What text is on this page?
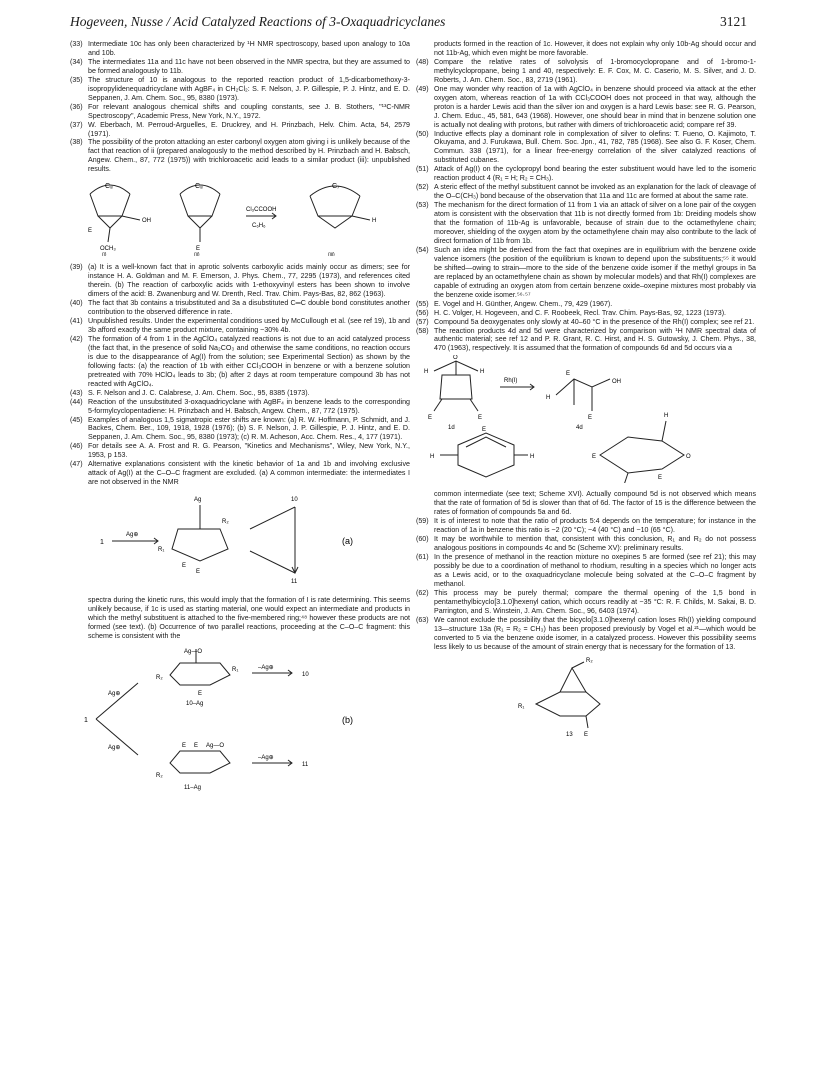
Hogeveen, Nusse / Acid Catalyzed Reactions of 3-Oxaquadricyclanes	3121
(33) Intermediate 10c has only been characterized by ¹H NMR spectroscopy, based upon analogy to 10a and 10b.
(34) The intermediates 11a and 11c have not been observed in the NMR spectra, but they are assumed to be formed analogously to 11b.
(35) The structure of 10 is analogous to the reported reaction product of 1,5-dicarbomethoxy-3-isopropylidenequadricyclane with AgBF₄ in CH₂Cl₂: S. F. Nelson, J. P. Gillespie, P. J. Hintz, and E. D. Seppanen, J. Am. Chem. Soc., 95, 8380 (1973).
(36) For relevant analogous chemical shifts and coupling constants, see J. B. Stothers, "¹³C-NMR Spectroscopy", Academic Press, New York, N.Y., 1972.
(37) W. Eberbach, M. Perroud-Arguelles, E. Druckrey, and H. Prinzbach, Helv. Chim. Acta, 54, 2579 (1971).
(38) The possibility of the proton attacking an ester carbonyl oxygen atom giving i is unlikely because of the fact that reaction of ii (prepared analogously to the method described by H. Prinzbach and H. Babsch, Angew. Chem., 87, 772 (1975)) with trichloroacetic acid leads to a similar product (iii): unpublished results.
C₈	C₈	C₇
OH
OCH₃
E
E
H
Cl₃CCOOH
C₆H₆
(i)	(ii)	(iii)
(39) (a) It is a well-known fact that in aprotic solvents carboxylic acids mainly occur as dimers; see for instance H. A. Goldman and M. F. Emerson, J. Phys. Chem., 77, 2295 (1973), and references cited therein. (b) The reaction of carboxylic acids with 1-ethoxyvinyl esters has been shown to involve dimers of the acid: B. Zwanenburg and W. Drenth, Recl. Trav. Chim. Pays-Bas, 82, 862 (1963).
(40) The fact that 3b contains a trisubstituted and 3a a disubstituted C═C double bond constitutes another contribution to the observed difference in rate.
(41) Unpublished results. Under the experimental conditions used by McCullough et al. (see ref 19), 1b and 3b afford exactly the same product mixture, containing ~30% 4b.
(42) The formation of 4 from 1 in the AgClO₄ catalyzed reactions is not due to an acid catalyzed process (the fact that, in the presence of solid Na₂CO₃ and otherwise the same conditions, no reaction occurs is due to the disappearance of Ag(I) from the solution; see Experimental Section) as shown by the following facts: (a) the reaction of 1b with either CCl₃COOH in benzene or with a benzene solution pretreated with 70% HClO₄ leads to 3b; (b) after 2 days at room temperature compound 3b has not reacted with AgClO₄.
(43) S. F. Nelson and J. C. Calabrese, J. Am. Chem. Soc., 95, 8385 (1973).
(44) Reaction of the unsubstituted 3-oxaquadricyclane with AgBF₄ in benzene leads to the corresponding 5-formylcyclopentadiene: H. Prinzbach and H. Babsch, Angew. Chem., 87, 772 (1975).
(45) Examples of analogous 1,5 sigmatropic ester shifts are known: (a) R. W. Hoffmann, P. Schmidt, and J. Backes, Chem. Ber., 109, 1918, 1928 (1976); (b) S. F. Nelson, J. P. Gillespie, P. J. Hintz, and E. D. Seppanen, J. Am. Chem. Soc., 95, 8380 (1973); (c) R. M. Acheson, Acc. Chem. Res., 4, 177 (1971).
(46) For details see A. A. Frost and R. G. Pearson, "Kinetics and Mechanisms", Wiley, New York, N.Y., 1953, p 153.
(47) Alternative explanations consistent with the kinetic behavior of 1a and 1b and involving exclusive attack of Ag(I) at the C–O–C fragment are excluded. (a) A common intermediate: the intermediates I are not observed in the NMR
1
Ag⊕
Ag
R₂
R₁
E
E
10
11
(a)
spectra during the kinetic runs, this would imply that the formation of I is rate determining. This seems unlikely because, if 1c is used as starting material, one would expect an intermediate and products in which the methyl substituent is attached to the five-membered ring;⁴⁸ however these products are not formed (see text). (b) Occurrence of two parallel reactions, proceeding at the C–O–C fragment: this scheme is consistent with the
1
Ag⊕
Ag⊕
Ag—O
R₁
R₂
E
10–Ag
–Ag⊕
10
Ag—O
E E
R₂
11–Ag
–Ag⊕
11
(b)
products formed in the reaction of 1c. However, it does not explain why only 10b-Ag should occur and not 11b-Ag, which even might be more favorable.
(48) Compare the relative rates of solvolysis of 1-bromocyclopropane and of 1-bromo-1-methylcyclopropane, being 1 and 40, respectively: E. F. Cox, M. C. Caserio, M. S. Silver, and J. D. Roberts, J. Am. Chem. Soc., 83, 2719 (1961).
(49) One may wonder why reaction of 1a with AgClO₄ in benzene should proceed via attack at the ether oxygen atom, whereas reaction of 1a with CCl₃COOH does not proceed in that way, although the proton is a harder Lewis acid than the silver ion and oxygen is a hard Lewis base: see R. G. Pearson, J. Chem. Educ., 45, 581, 643 (1968). However, one should bear in mind that in benzene solution one is actually not dealing with protons, but rather with dimers of trichloroacetic acid; compare ref 39.
(50) Inductive effects play a dominant role in complexation of silver to olefins: T. Fueno, O. Kajimoto, T. Okuyama, and J. Furukawa, Bull. Chem. Soc. Jpn., 41, 782, 785 (1968). See also G. F. Koser, Chem. Commun. 338 (1971), for a linear free-energy correlation of the silver catalyzed reactions of substituted cubanes.
(51) Attack of Ag(I) on the cyclopropyl bond bearing the ester substituent would have led to the isomeric reaction product 4 (R₁ = H; R₂ = CH₃).
(52) A steric effect of the methyl substituent cannot be invoked as an explanation for the lack of cleavage of the O–C(CH₃) bond because of the observation that 11a and 11c are formed at about the same rate.
(53) The mechanism for the direct formation of 11 from 1 via an attack of silver on a lone pair of the oxygen atom is consistent with the observation that 11b is not directly formed from 1b: Dreiding models show that the formation of 11b-Ag is unfavorable, because of strain due to the octamethylene chain; moreover, shielding of the oxygen atom by the octamethylene chain may also contribute to the lack of direct formation of 11b from 1b.
(54) Such an idea might be derived from the fact that oxepines are in equilibrium with the benzene oxide valence isomers (the position of the equilibrium is known to depend upon the substituents;⁵⁵ it would be shifted—owing to strain—more to the side of the benzene oxide isomer if the methyl groups in 5a are replaced by an octamethylene chain as shown by molecular models) and that Rh(I) complexes are capable of extruding an oxygen atom from certain benzene oxide–oxepine mixtures most probably via the benzene oxide isomer.⁵⁶·⁵⁷
(55) E. Vogel and H. Günther, Angew. Chem., 79, 429 (1967).
(56) H. C. Volger, H. Hogeveen, and C. F. Roobeek, Recl. Trav. Chim. Pays-Bas, 92, 1223 (1973).
(57) Compound 5a deoxygenates only slowly at 40–60 °C in the presence of the Rh(I) complex; see ref 21.
(58) The reaction products 4d and 5d were characterized by comparison with ¹H NMR spectral data of authentic material; see ref 12 and P. R. Grant, R. C. Hirst, and H. S. Gutowsky, J. Chem. Phys., 38, 470 (1963), respectively. It is assumed that the formation of compounds 6d and 5d occurs via a
H
O
H
E	E
Rh(I)
E
OH
H
E
1d	4d
H	H
E
E	O
H
E
common intermediate (see text; Scheme XVI). Actually compound 5d is not observed which means that the rate of formation of 5d is slower than that of 6d. The factor of 15 is the difference between the rates of formation of compounds 5a and 6d.
(59) It is of interest to note that the ratio of products 5:4 depends on the temperature; for instance in the reaction of 1a in benzene this ratio is ~2 (20 °C); ~4 (40 °C) and ~10 (65 °C).
(60) It may be worthwhile to mention that, consistent with this conclusion, R₁ and R₂ do not possess analogous positions in compounds 4c and 5c (Scheme XV): preliminary results.
(61) In the presence of methanol in the reaction mixture no oxepines 5 are formed (see ref 21); this may possibly be due to a coordination of methanol to rhodium, resulting in a species which no longer acts as a Lewis acid, or to the oxaquadricyclane molecule being solvated at the C–O–C fragment by methanol.
(62) This process may be purely thermal; compare the thermal opening of the 1,5 bond in pentamethylbicyclo[3.1.0]hexenyl cation, which occurs readily at −35 °C: R. F. Childs, M. Sakai, B. D. Parrington, and S. Winstein, J. Am. Chem. Soc., 96, 6403 (1974).
(63) We cannot exclude the possibility that the bicyclo[3.1.0]hexenyl cation loses Rh(I) yielding compound 13—structure 13a (R₁ = R₂ = CH₃) has been proposed previously by Vogel et al.²¹—which would be converted to 5 via the benzene oxide isomer, in a catalyzed process. However this possibility seems less likely to us because of the amount of strain energy that is necessary for the formation of 13.
R₂
R₁
E
13
